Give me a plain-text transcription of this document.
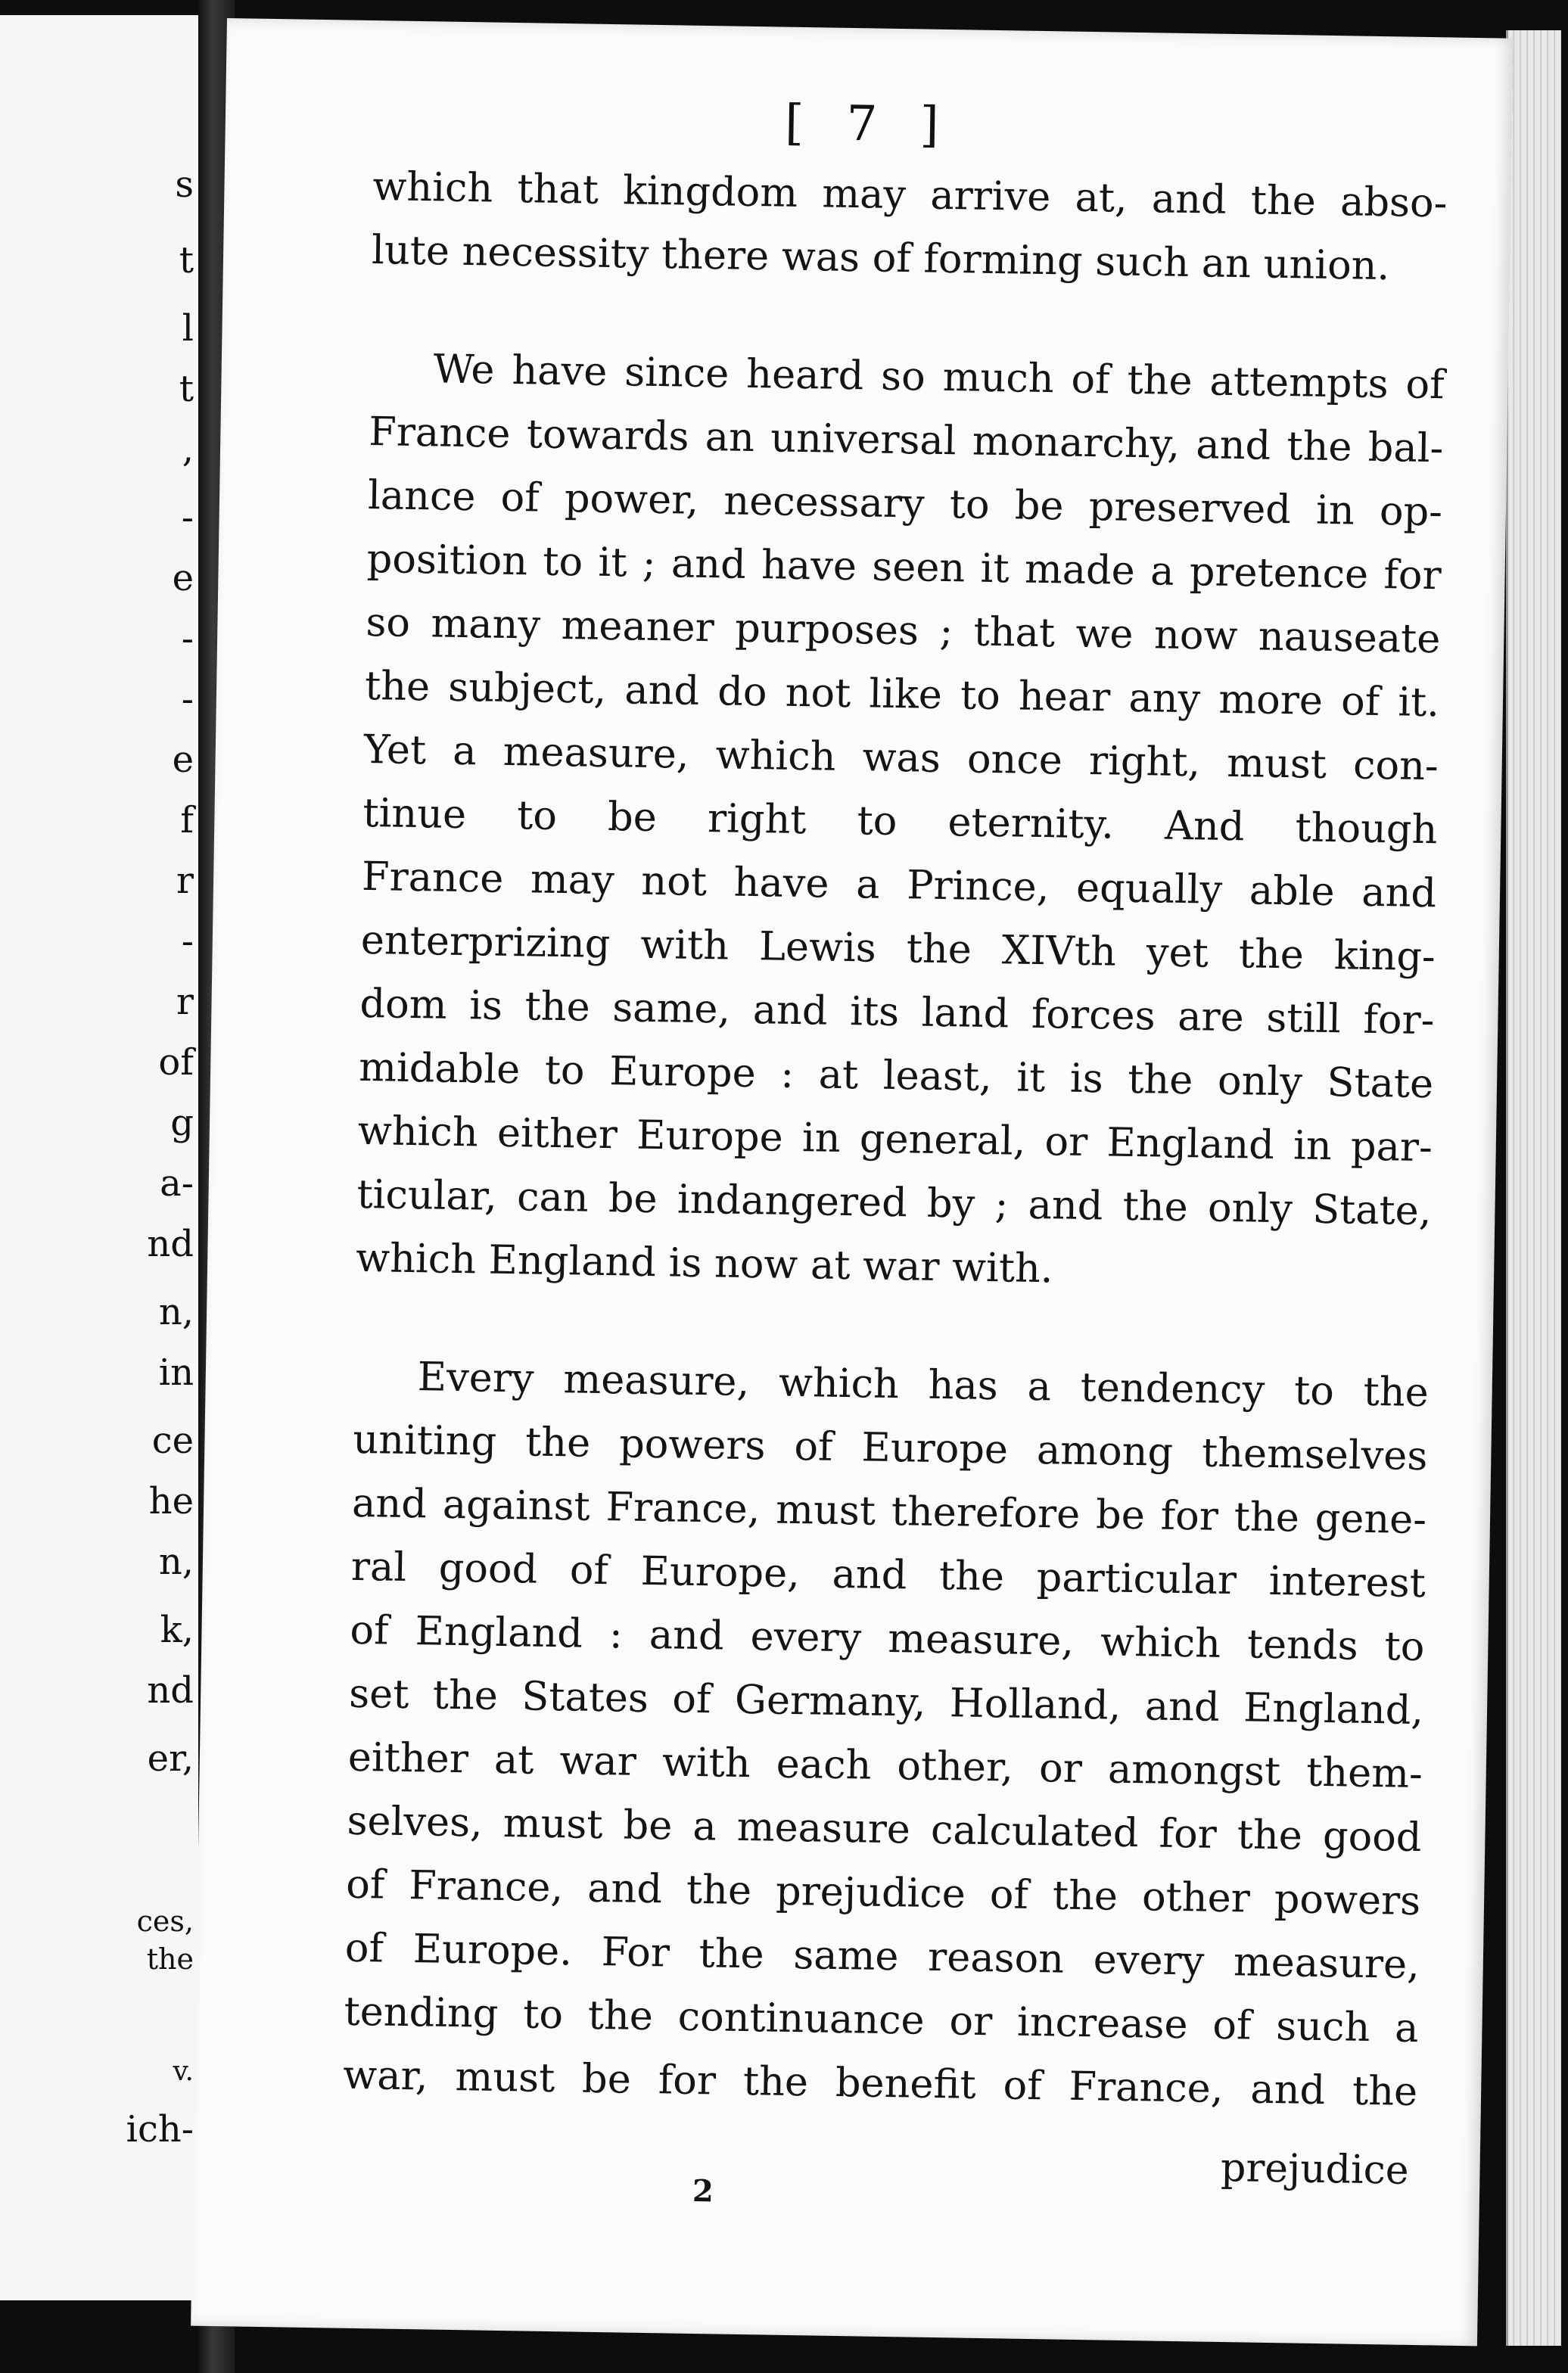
s
t
l
t
,
-
e
-
-
e
f
r
-
r
of
g
a-
nd
n,
in
ce
he
n,
k,
nd
er,
ces,
the
v.
ich-
[ 7 ]

which that kingdom may arrive at, and the abso-
lute necessity there was of forming such an union.

We have since heard so much of the attempts of
France towards an universal monarchy, and the bal-
lance of power, necessary to be preserved in op-
position to it ; and have seen it made a pretence for
so many meaner purposes ; that we now nauseate
the subject, and do not like to hear any more of it.
Yet a measure, which was once right, must con-
tinue to be right to eternity. And though
France may not have a Prince, equally able and
enterprizing with Lewis the XIVth yet the king-
dom is the same, and its land forces are still for-
midable to Europe : at least, it is the only State
which either Europe in general, or England in par-
ticular, can be indangered by ; and the only State,
which England is now at war with.

Every measure, which has a tendency to the
uniting the powers of Europe among themselves
and against France, must therefore be for the gene-
ral good of Europe, and the particular interest
of England : and every measure, which tends to
set the States of Germany, Holland, and England,
either at war with each other, or amongst them-
selves, must be a measure calculated for the good
of France, and the prejudice of the other powers
of Europe. For the same reason every measure,
tending to the continuance or increase of such a
war, must be for the benefit of France, and the

prejudice
2
